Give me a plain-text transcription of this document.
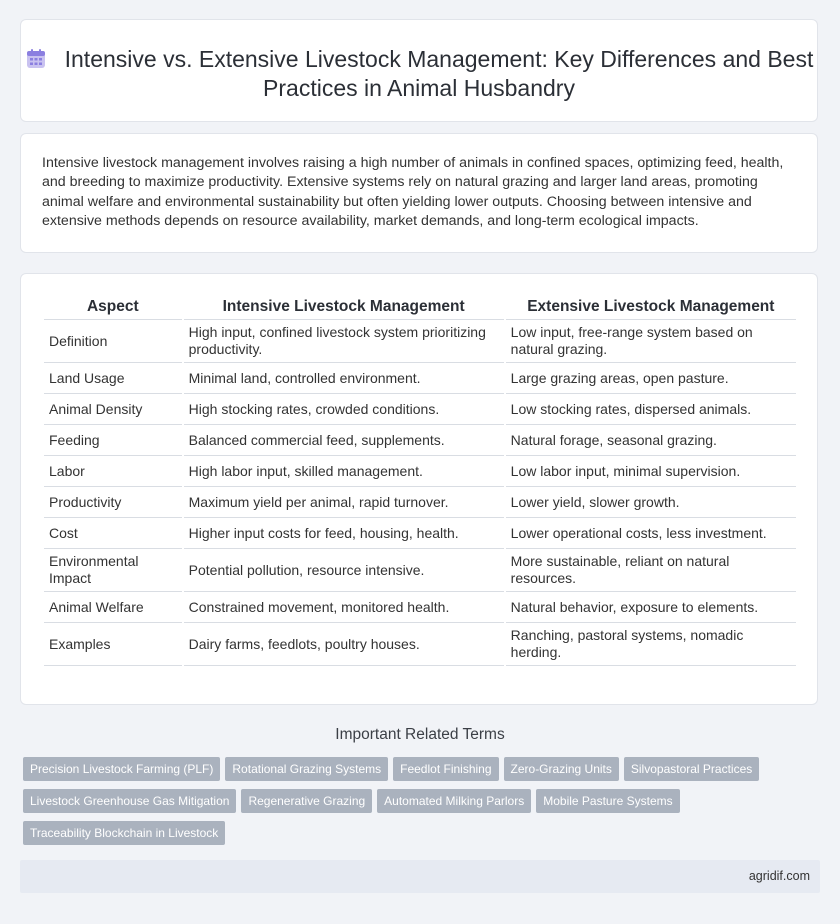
Intensive vs. Extensive Livestock Management: Key Differences and Best Practices in Animal Husbandry

Intensive livestock management involves raising a high number of animals in confined spaces, optimizing feed, health, and breeding to maximize productivity. Extensive systems rely on natural grazing and larger land areas, promoting animal welfare and environmental sustainability but often yielding lower outputs. Choosing between intensive and extensive methods depends on resource availability, market demands, and long-term ecological impacts.

Aspect	Intensive Livestock Management	Extensive Livestock Management
Definition	High input, confined livestock system prioritizing productivity.	Low input, free-range system based on natural grazing.
Land Usage	Minimal land, controlled environment.	Large grazing areas, open pasture.
Animal Density	High stocking rates, crowded conditions.	Low stocking rates, dispersed animals.
Feeding	Balanced commercial feed, supplements.	Natural forage, seasonal grazing.
Labor	High labor input, skilled management.	Low labor input, minimal supervision.
Productivity	Maximum yield per animal, rapid turnover.	Lower yield, slower growth.
Cost	Higher input costs for feed, housing, health.	Lower operational costs, less investment.
Environmental Impact	Potential pollution, resource intensive.	More sustainable, reliant on natural resources.
Animal Welfare	Constrained movement, monitored health.	Natural behavior, exposure to elements.
Examples	Dairy farms, feedlots, poultry houses.	Ranching, pastoral systems, nomadic herding.
Important Related Terms
Precision Livestock Farming (PLF) Rotational Grazing Systems Feedlot Finishing Zero-Grazing Units Silvopastoral PracticesLivestock Greenhouse Gas Mitigation Regenerative Grazing Automated Milking Parlors Mobile Pasture SystemsTraceability Blockchain in Livestock
agridif.com
